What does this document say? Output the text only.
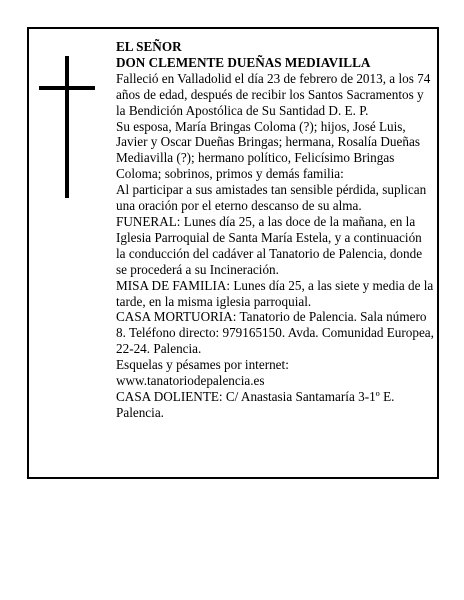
EL SEÑOR

DON CLEMENTE DUEÑAS MEDIAVILLA

Falleció en Valladolid el día 23 de febrero de 2013, a los 74 años de edad, después de recibir los Santos Sacramentos y la Bendición Apostólica de Su Santidad D. E. P.

Su esposa, María Bringas Coloma (?); hijos, José Luis, Javier y Oscar Dueñas Bringas; hermana, Rosalía Dueñas Mediavilla (?); hermano político, Felicísimo Bringas Coloma; sobrinos, primos y demás familia:

Al participar a sus amistades tan sensible pérdida, suplican una oración por el eterno descanso de su alma.

FUNERAL: Lunes día 25, a las doce de la mañana, en la Iglesia Parroquial de Santa María Estela, y a continuación la conducción del cadáver al Tanatorio de Palencia, donde se procederá a su Incineración.

MISA DE FAMILIA: Lunes día 25, a las siete y media de la tarde, en la misma iglesia parroquial.

CASA MORTUORIA: Tanatorio de Palencia. Sala número 8. Teléfono directo: 979165150. Avda. Comunidad Europea, 22-24. Palencia.

Esquelas y pésames por internet: www.tanatoriodepalencia.es

CASA DOLIENTE: C/ Anastasia Santamaría 3-1º E. Palencia.
